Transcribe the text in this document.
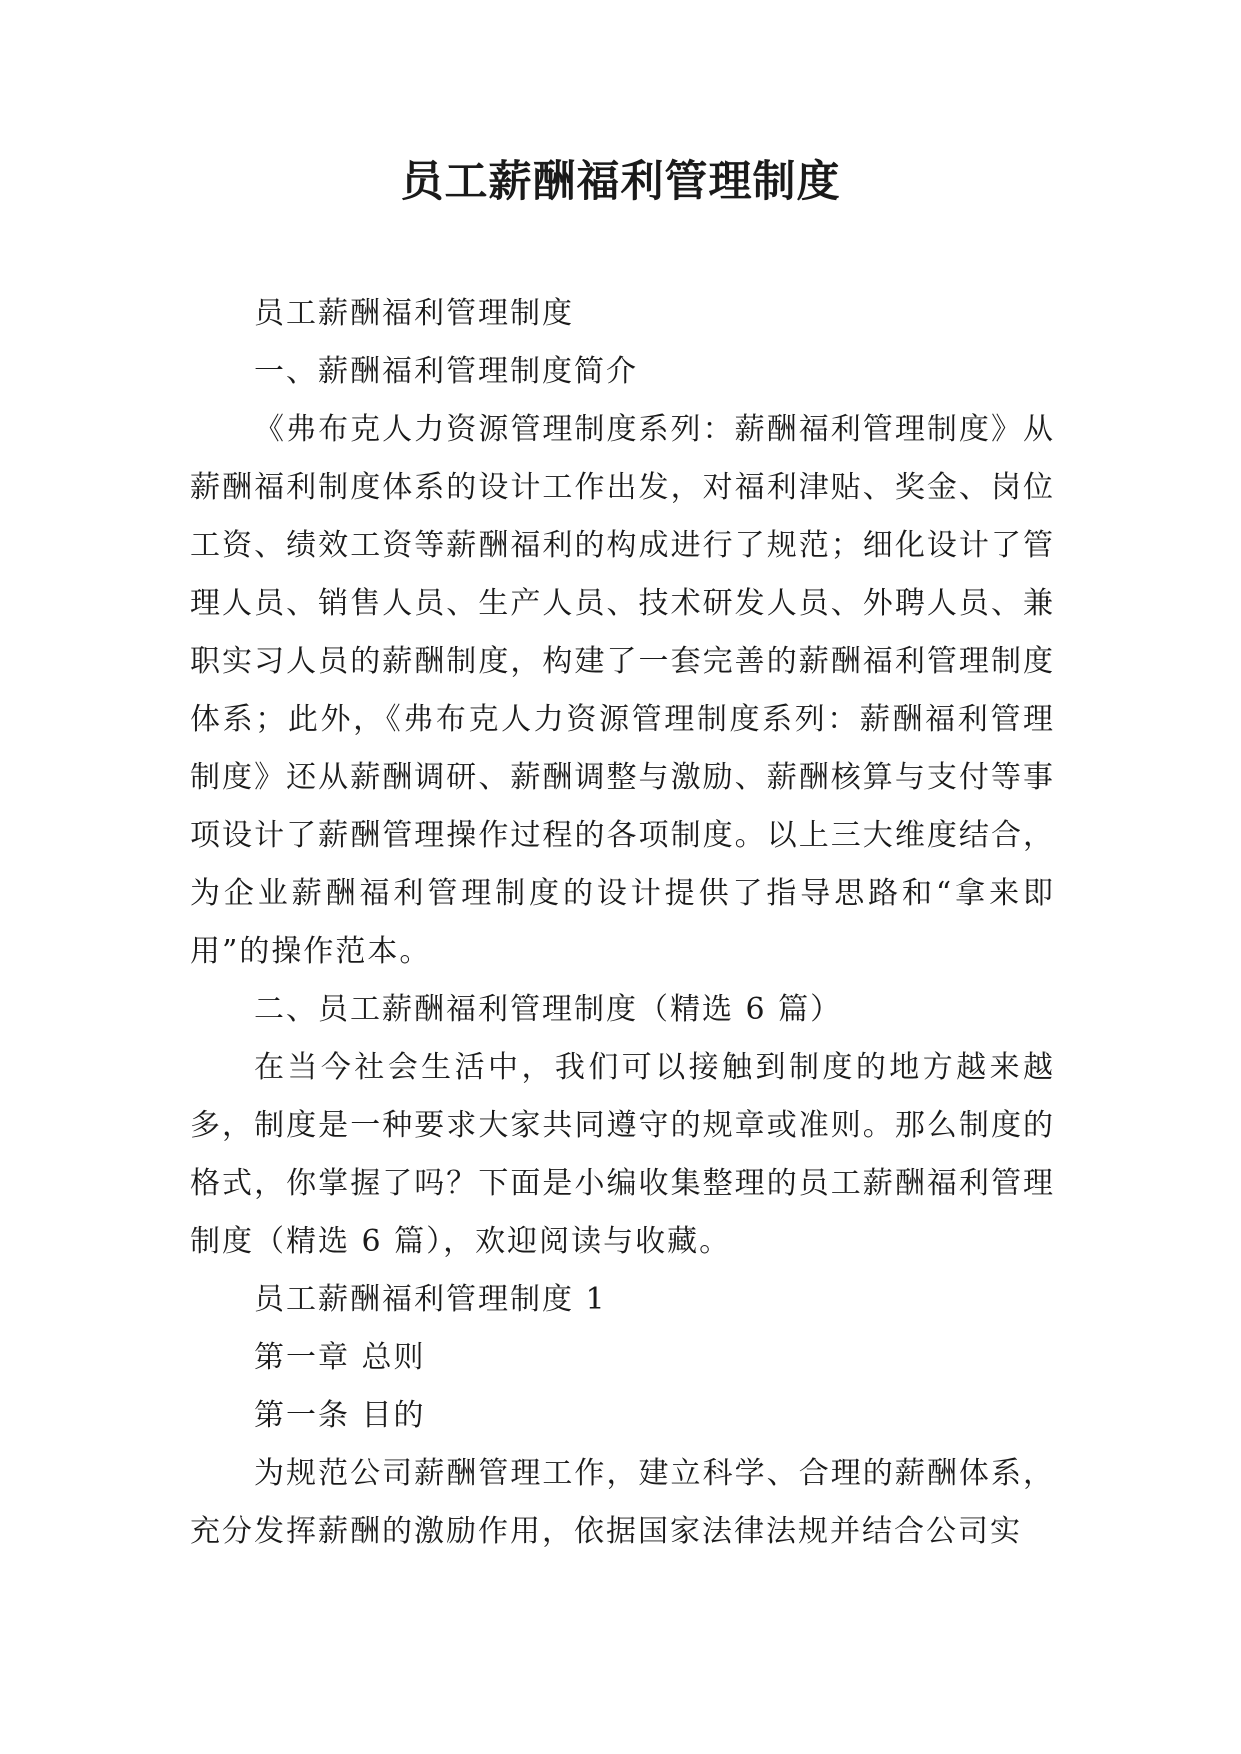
员工薪酬福利管理制度

员工薪酬福利管理制度

一、薪酬福利管理制度简介

《弗布克人力资源管理制度系列：薪酬福利管理制度》从薪酬福利制度体系的设计工作出发，对福利津贴、奖金、岗位工资、绩效工资等薪酬福利的构成进行了规范；细化设计了管理人员、销售人员、生产人员、技术研发人员、外聘人员、兼职实习人员的薪酬制度，构建了一套完善的薪酬福利管理制度体系；此外，《弗布克人力资源管理制度系列：薪酬福利管理制度》还从薪酬调研、薪酬调整与激励、薪酬核算与支付等事项设计了薪酬管理操作过程的各项制度。以上三大维度结合，为企业薪酬福利管理制度的设计提供了指导思路和“拿来即用”的操作范本。

二、员工薪酬福利管理制度（精选 6 篇）

在当今社会生活中，我们可以接触到制度的地方越来越多，制度是一种要求大家共同遵守的规章或准则。那么制度的格式，你掌握了吗？下面是小编收集整理的员工薪酬福利管理制度（精选 6 篇），欢迎阅读与收藏。

员工薪酬福利管理制度 1

第一章 总则

第一条 目的

为规范公司薪酬管理工作，建立科学、合理的薪酬体系，充分发挥薪酬的激励作用，依据国家法律法规并结合公司实
